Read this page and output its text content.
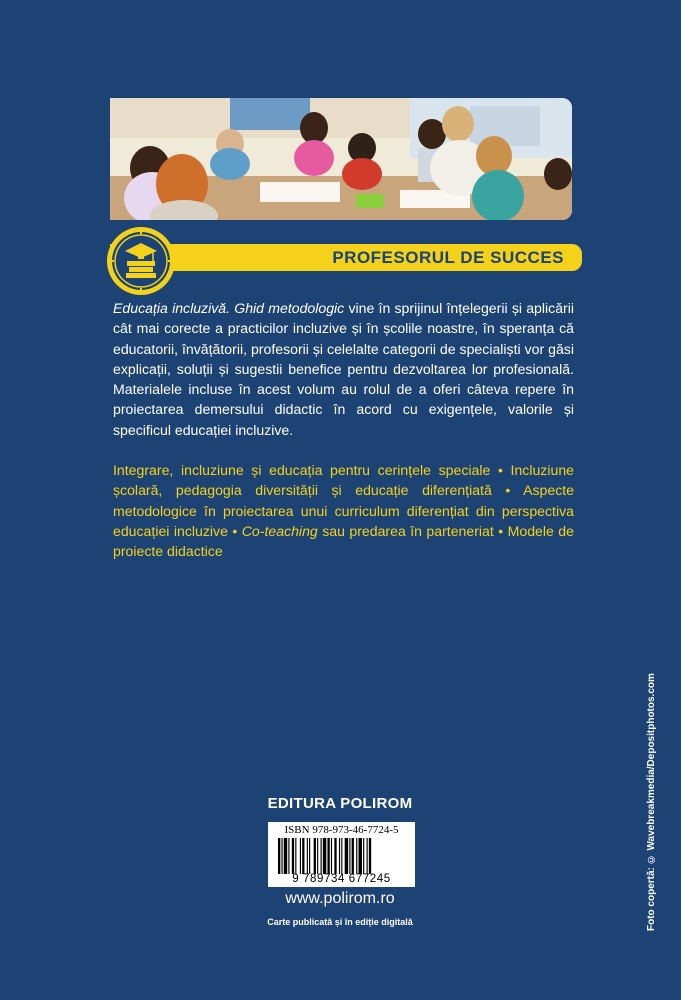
PROFESORUL DE SUCCES

Educația incluzivă. Ghid metodologic vine în sprijinul înțelegerii și aplicării cât mai corecte a practicilor incluzive și în școlile noastre, în speranța că educatorii, învățătorii, profesorii și celelalte categorii de specialiști vor găsi explicații, soluții și sugestii benefice pentru dezvoltarea lor profesională. Materialele incluse în acest volum au rolul de a oferi câteva repere în proiectarea demersului didactic în acord cu exigențele, valorile și specificul educației incluzive.

Integrare, incluziune și educația pentru cerințele speciale • Incluziune școlară, pedagogia diversității și educație diferențiată • Aspecte metodologice în proiectarea unui curriculum diferențiat din perspectiva educației incluzive • Co-teaching sau predarea în parteneriat • Modele de proiecte didactice

EDITURA POLIROM
ISBN 978-973-46-7724-5
9 789734 677245
www.polirom.ro
Carte publicată și în ediție digitală	Foto copertă: © Wavebreakmedia/Depositphotos.com
